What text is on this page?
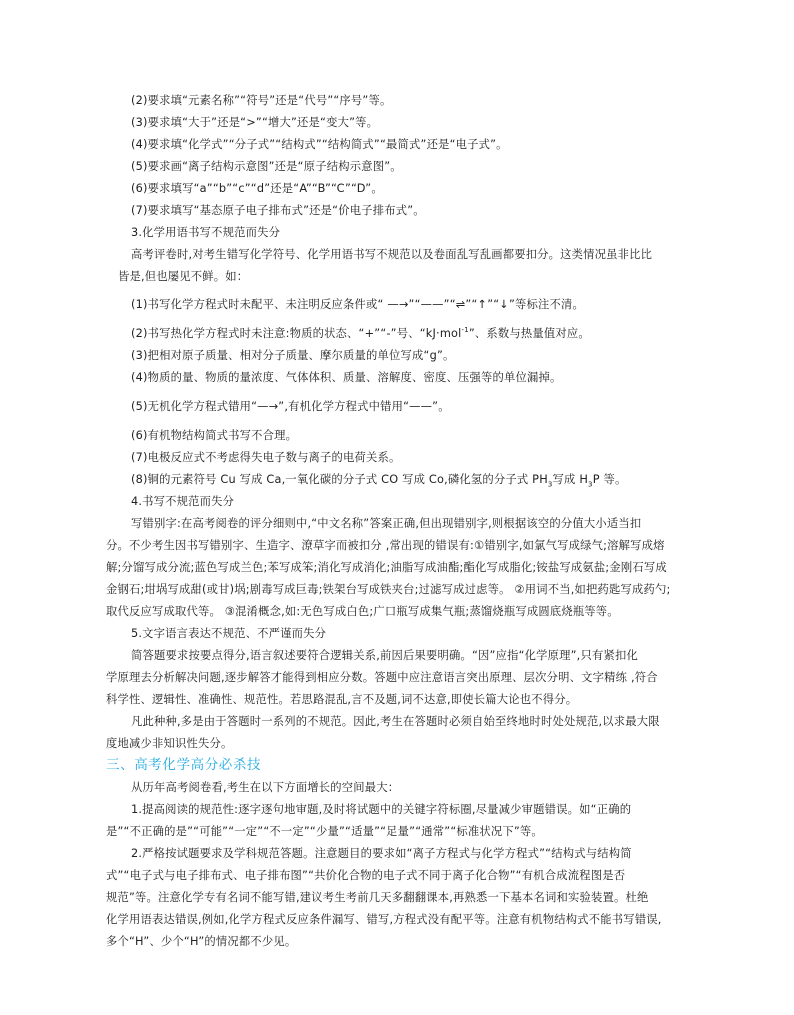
(2)要求填“元素名称”“符号”还是“代号”“序号”等。
(3)要求填“大于”还是“>”“增大”还是“变大”等。
(4)要求填“化学式”“分子式”“结构式”“结构简式”“最简式”还是“电子式”。
(5)要求画“离子结构示意图”还是“原子结构示意图”。
(6)要求填写“a”“b”“c”“d”还是“A”“B”“C”“D”。
(7)要求填写“基态原子电子排布式”还是“价电子排布式”。
3.化学用语书写不规范而失分
高考评卷时,对考生错写化学符号、化学用语书写不规范以及卷面乱写乱画都要扣分。这类情况虽非比比
皆是,但也屡见不鲜。如：
(1)书写化学方程式时未配平、未注明反应条件或“ —→”“——”“⇌”“↑”“↓”等标注不清。
(2)书写热化学方程式时未注意:物质的状态、“+”“-”号、“kJ·mol$^{-1}$”、系数与热量值对应。
(3)把相对原子质量、相对分子质量、摩尔质量的单位写成“g”。
(4)物质的量、物质的量浓度、气体体积、质量、溶解度、密度、压强等的单位漏掉。
(5)无机化学方程式错用“—→”,有机化学方程式中错用“——”。
(6)有机物结构简式书写不合理。
(7)电极反应式不考虑得失电子数与离子的电荷关系。
(8)铜的元素符号 Cu 写成 Ca,一氧化碳的分子式 CO 写成 Co,磷化氢的分子式 $PH_3$写成 $H_3P$ 等。
4.书写不规范而失分
写错别字:在高考阅卷的评分细则中,“中文名称”答案正确,但出现错别字,则根据该空的分值大小适当扣
分。不少考生因书写错别字、生造字、潦草字而被扣分 ,常出现的错误有:①错别字,如氯气写成绿气;溶解写成熔
解;分馏写成分流;蓝色写成兰色;苯写成笨;消化写成消化;油脂写成油酯;酯化写成脂化;铵盐写成氨盐;金刚石写成
金钢石;坩埚写成甜(或甘)埚;剧毒写成巨毒;铁架台写成铁夹台;过滤写成过虑等。 ②用词不当,如把药匙写成药勺;
取代反应写成取代等。 ③混淆概念,如:无色写成白色;广口瓶写成集气瓶;蒸馏烧瓶写成圆底烧瓶等等。
5.文字语言表达不规范、不严谨而失分
简答题要求按要点得分,语言叙述要符合逻辑关系,前因后果要明确。“因”应指“化学原理”,只有紧扣化
学原理去分析解决问题,逐步解答才能得到相应分数。答题中应注意语言突出原理、层次分明、文字精练 ,符合
科学性、逻辑性、准确性、规范性。若思路混乱,言不及题,词不达意,即使长篇大论也不得分。
凡此种种,多是由于答题时一系列的不规范。因此,考生在答题时必须自始至终地时时处处规范,以求最大限
度地减少非知识性失分。
三、高考化学高分必杀技
从历年高考阅卷看,考生在以下方面增长的空间最大：
1.提高阅读的规范性:逐字逐句地审题,及时将试题中的关键字符标圈,尽量减少审题错误。如“正确的
是”“不正确的是”“可能”“一定”“不一定”“少量”“适量”“足量”“通常”“标准状况下”等。
2.严格按试题要求及学科规范答题。注意题目的要求如“离子方程式与化学方程式”“结构式与结构简
式”“电子式与电子排布式、电子排布图”“共价化合物的电子式不同于离子化合物”“有机合成流程图是否
规范”等。注意化学专有名词不能写错,建议考生考前几天多翻翻课本,再熟悉一下基本名词和实验装置。杜绝
化学用语表达错误,例如,化学方程式反应条件漏写、错写,方程式没有配平等。注意有机物结构式不能书写错误,
多个“H”、少个“H”的情况都不少见。
